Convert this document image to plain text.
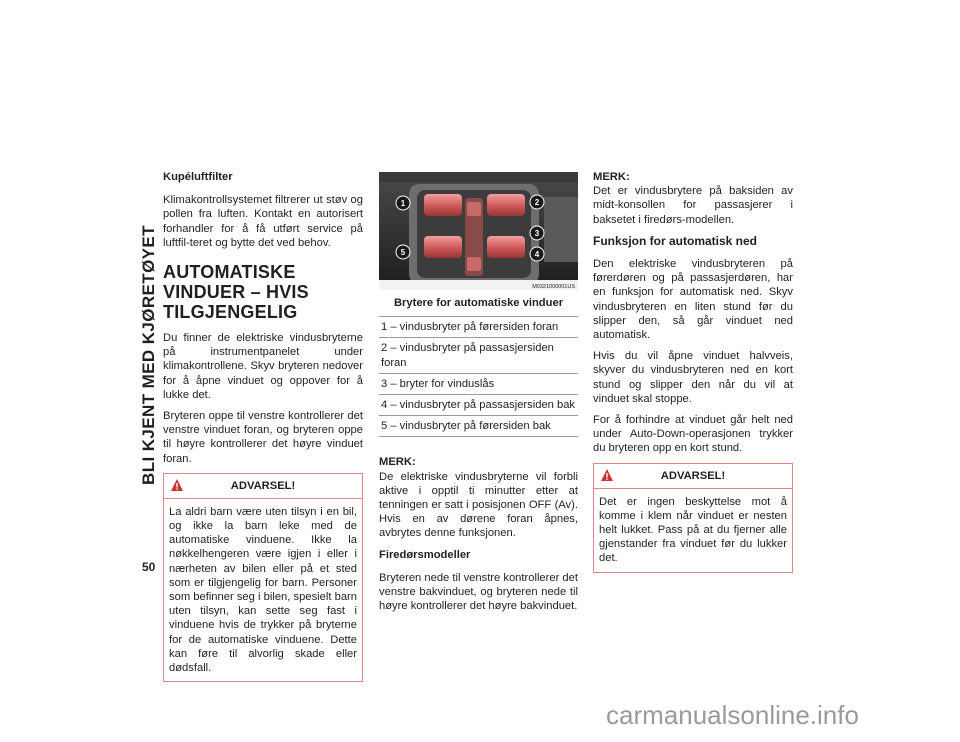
BLI KJENT MED KJØRETØYET
50
Kupéluftfilter

Klimakontrollsystemet filtrerer ut støv og pollen fra luften. Kontakt en autorisert forhandler for å få utført service på luftfil-teret og bytte det ved behov.

AUTOMATISKE VINDUER – HVIS TILGJENGELIG

Du finner de elektriske vindusbryterne på instrumentpanelet under klimakontrollene. Skyv bryteren nedover for å åpne vinduet og oppover for å lukke det.

Bryteren oppe til venstre kontrollerer det venstre vinduet foran, og bryteren oppe til høyre kontrollerer det høyre vinduet foran.

ADVARSEL!
La aldri barn være uten tilsyn i en bil, og ikke la barn leke med de automatiske vinduene. Ikke la nøkkelhengeren være igjen i eller i nærheten av bilen eller på et sted som er tilgjengelig for barn. Personer som befinner seg i bilen, spesielt barn uten tilsyn, kan sette seg fast i vinduene hvis de trykker på bryterne for de automatiske vinduene. Dette kan føre til alvorlig skade eller dødsfall.
1	2
3
4
5
M0321000001US
Brytere for automatiske vinduer
1 – vindusbryter på førersiden foran
2 – vindusbryter på passasjersiden foran
3 – bryter for vinduslås
4 – vindusbryter på passasjersiden bak
5 – vindusbryter på førersiden bak
MERK:

De elektriske vindusbryterne vil forbli aktive i opptil ti minutter etter at tenningen er satt i posisjonen OFF (Av). Hvis en av dørene foran åpnes, avbrytes denne funksjonen.

Firedørsmodeller

Bryteren nede til venstre kontrollerer det venstre bakvinduet, og bryteren nede til høyre kontrollerer det høyre bakvinduet.

MERK:

Det er vindusbrytere på baksiden av midt-konsollen for passasjerer i baksetet i firedørs-modellen.

Funksjon for automatisk ned

Den elektriske vindusbryteren på førerdøren og på passasjerdøren, har en funksjon for automatisk ned. Skyv vindusbryteren en liten stund før du slipper den, så går vinduet ned automatisk.

Hvis du vil åpne vinduet halvveis, skyver du vindusbryteren ned en kort stund og slipper den når du vil at vinduet skal stoppe.

For å forhindre at vinduet går helt ned under Auto-Down-operasjonen trykker du bryteren opp en kort stund.

ADVARSEL!
Det er ingen beskyttelse mot å komme i klem når vinduet er nesten helt lukket. Pass på at du fjerner alle gjenstander fra vinduet før du lukker det.
carmanualsonline.info
